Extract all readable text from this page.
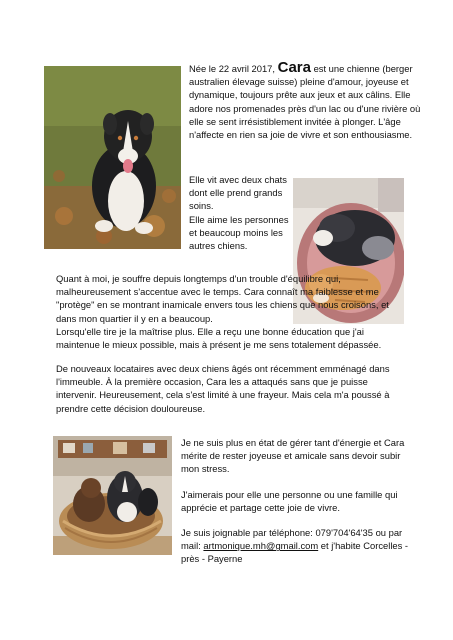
Née le 22 avril 2017, Cara est une chienne (berger australien élevage suisse) pleine d'amour, joyeuse et dynamique, toujours prête aux jeux et aux câlins. Elle adore nos promenades près d'un lac ou d'une rivière où elle se sent irrésistiblement invitée à plonger. L'âge n'affecte en rien sa joie de vivre et son enthousiasme.
Elle vit avec deux chats dont elle prend grands soins.
Elle aime les personnes et beaucoup moins les autres chiens.
Quant à moi, je souffre depuis longtemps d'un trouble d'équilibre qui, malheureusement s'accentue avec le temps. Cara connaît ma faiblesse et me "protège" en se montrant inamicale envers tous les chiens que nous croisons, et dans mon quartier il y en a beaucoup.
Lorsqu'elle tire je la maîtrise plus. Elle a reçu une bonne éducation que j'ai maintenue le mieux possible, mais à présent je me sens totalement dépassée.
De nouveaux locataires avec deux chiens âgés ont récemment emménagé dans l'immeuble. À la première occasion, Cara les a attaqués sans que je puisse intervenir. Heureusement, cela s'est limité à une frayeur. Mais cela m'a poussé à prendre cette décision douloureuse.
Je ne suis plus en état de gérer tant d'énergie et Cara mérite de rester joyeuse et amicale sans devoir subir mon stress.
J'aimerais pour elle une personne ou une famille qui apprécie et partage cette joie de vivre.
Je suis joignable par téléphone: 079'704'64'35 ou par mail: artmonique.mh@gmail.com et j'habite Corcelles - près - Payerne
